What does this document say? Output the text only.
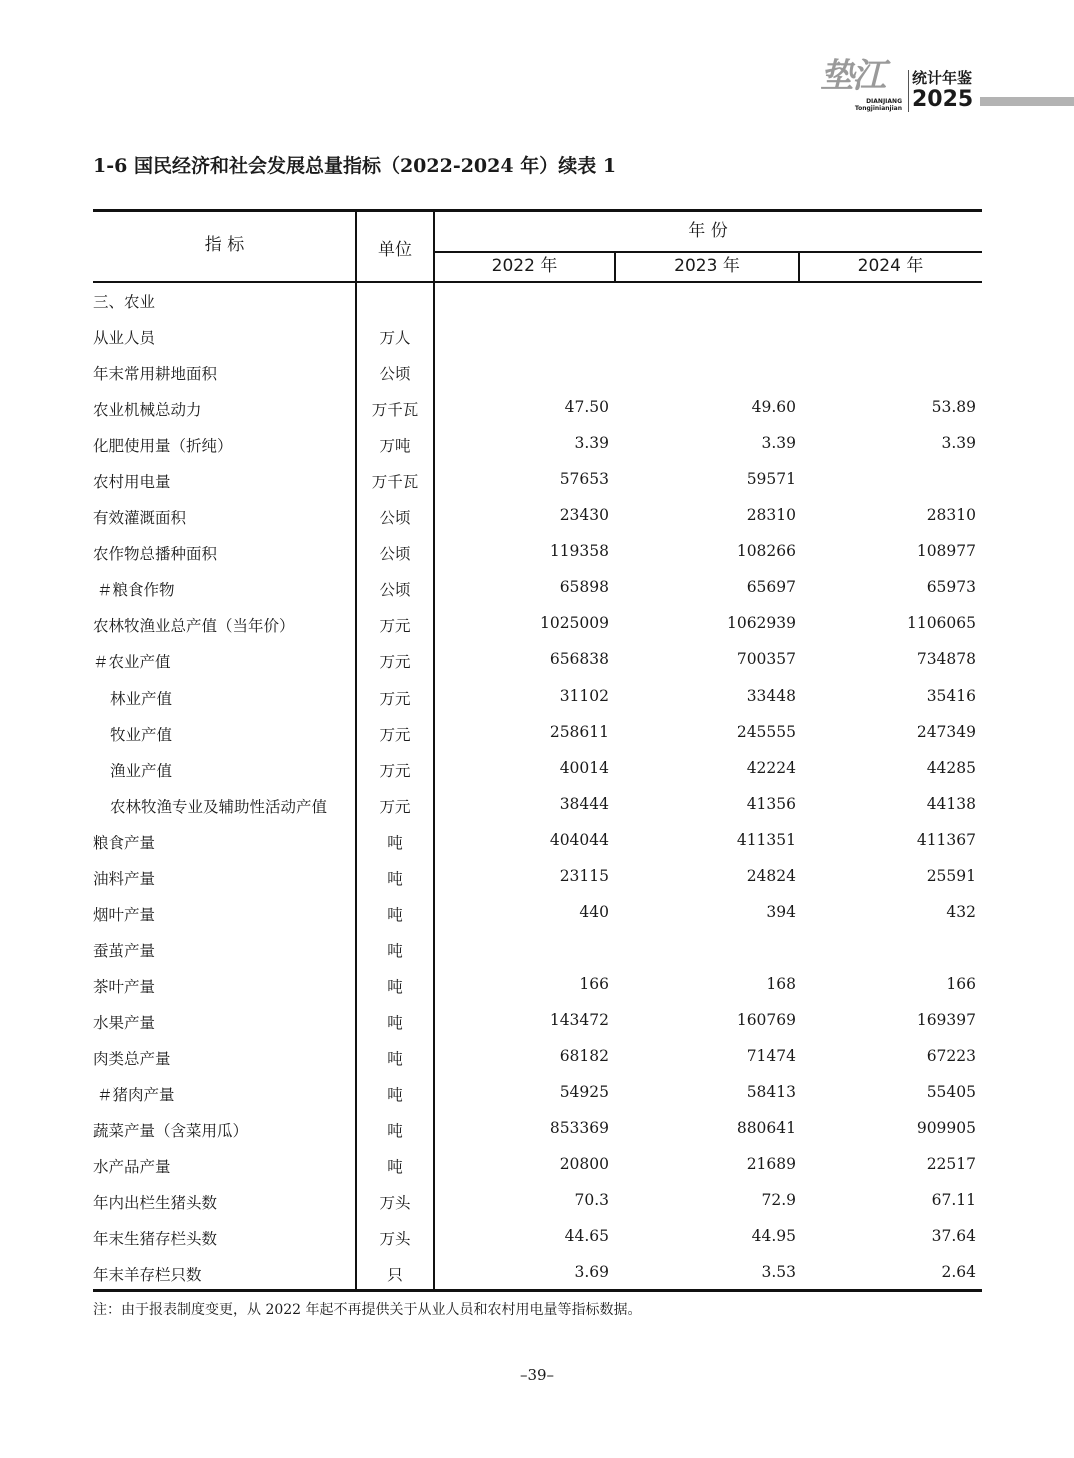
垫江
DIANJIANG
Tongjinianjian
统计年鉴
2025
1-6 国民经济和社会发展总量指标（2022-2024 年）续表 1
指 标	单位
年 份
2022 年	2023 年	2024 年
三、农业
从业人员	万人
年末常用耕地面积	公顷
农业机械总动力	万千瓦	47.50	49.60	53.89
化肥使用量（折纯）	万吨	3.39	3.39	3.39
农村用电量	万千瓦	57653	59571
有效灌溉面积	公顷	23430	28310	28310
农作物总播种面积	公顷	119358	108266	108977
＃粮食作物	公顷	65898	65697	65973
农林牧渔业总产值（当年价）	万元	1025009	1062939	1106065
＃农业产值	万元	656838	700357	734878
林业产值	万元	31102	33448	35416
牧业产值	万元	258611	245555	247349
渔业产值	万元	40014	42224	44285
农林牧渔专业及辅助性活动产值	万元	38444	41356	44138
粮食产量	吨	404044	411351	411367
油料产量	吨	23115	24824	25591
烟叶产量	吨	440	394	432
蚕茧产量	吨
茶叶产量	吨	166	168	166
水果产量	吨	143472	160769	169397
肉类总产量	吨	68182	71474	67223
＃猪肉产量	吨	54925	58413	55405
蔬菜产量（含菜用瓜）	吨	853369	880641	909905
水产品产量	吨	20800	21689	22517
年内出栏生猪头数	万头	70.3	72.9	67.11
年末生猪存栏头数	万头	44.65	44.95	37.64
年末羊存栏只数	只	3.69	3.53	2.64
注：由于报表制度变更，从 2022 年起不再提供关于从业人员和农村用电量等指标数据。
–39–
